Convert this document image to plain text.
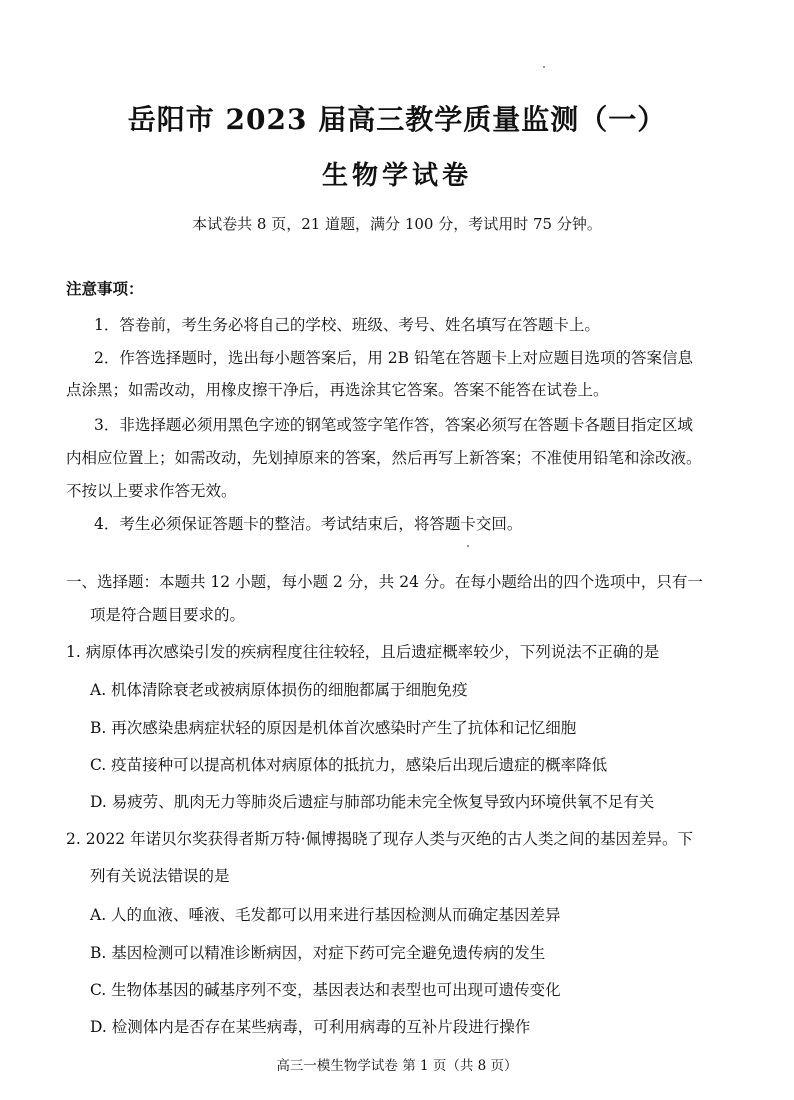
岳阳市 2023 届高三教学质量监测（一）
生物学试卷
本试卷共 8 页，21 道题，满分 100 分，考试用时 75 分钟。
注意事项：
1．答卷前，考生务必将自己的学校、班级、考号、姓名填写在答题卡上。
2．作答选择题时，选出每小题答案后，用 2B 铅笔在答题卡上对应题目选项的答案信息
点涂黑；如需改动，用橡皮擦干净后，再选涂其它答案。答案不能答在试卷上。
3．非选择题必须用黑色字迹的钢笔或签字笔作答，答案必须写在答题卡各题目指定区域
内相应位置上；如需改动，先划掉原来的答案，然后再写上新答案；不准使用铅笔和涂改液。
不按以上要求作答无效。
4．考生必须保证答题卡的整洁。考试结束后，将答题卡交回。
一、选择题：本题共 12 小题，每小题 2 分，共 24 分。在每小题给出的四个选项中，只有一
项是符合题目要求的。
1. 病原体再次感染引发的疾病程度往往较轻，且后遗症概率较少，下列说法不正确的是
A. 机体清除衰老或被病原体损伤的细胞都属于细胞免疫
B. 再次感染患病症状轻的原因是机体首次感染时产生了抗体和记忆细胞
C. 疫苗接种可以提高机体对病原体的抵抗力，感染后出现后遗症的概率降低
D. 易疲劳、肌肉无力等肺炎后遗症与肺部功能未完全恢复导致内环境供氧不足有关
2. 2022 年诺贝尔奖获得者斯万特·佩博揭晓了现存人类与灭绝的古人类之间的基因差异。下
列有关说法错误的是
A. 人的血液、唾液、毛发都可以用来进行基因检测从而确定基因差异
B. 基因检测可以精准诊断病因，对症下药可完全避免遗传病的发生
C. 生物体基因的碱基序列不变，基因表达和表型也可出现可遗传变化
D. 检测体内是否存在某些病毒，可利用病毒的互补片段进行操作
高三一模生物学试卷 第 1 页（共 8 页）
